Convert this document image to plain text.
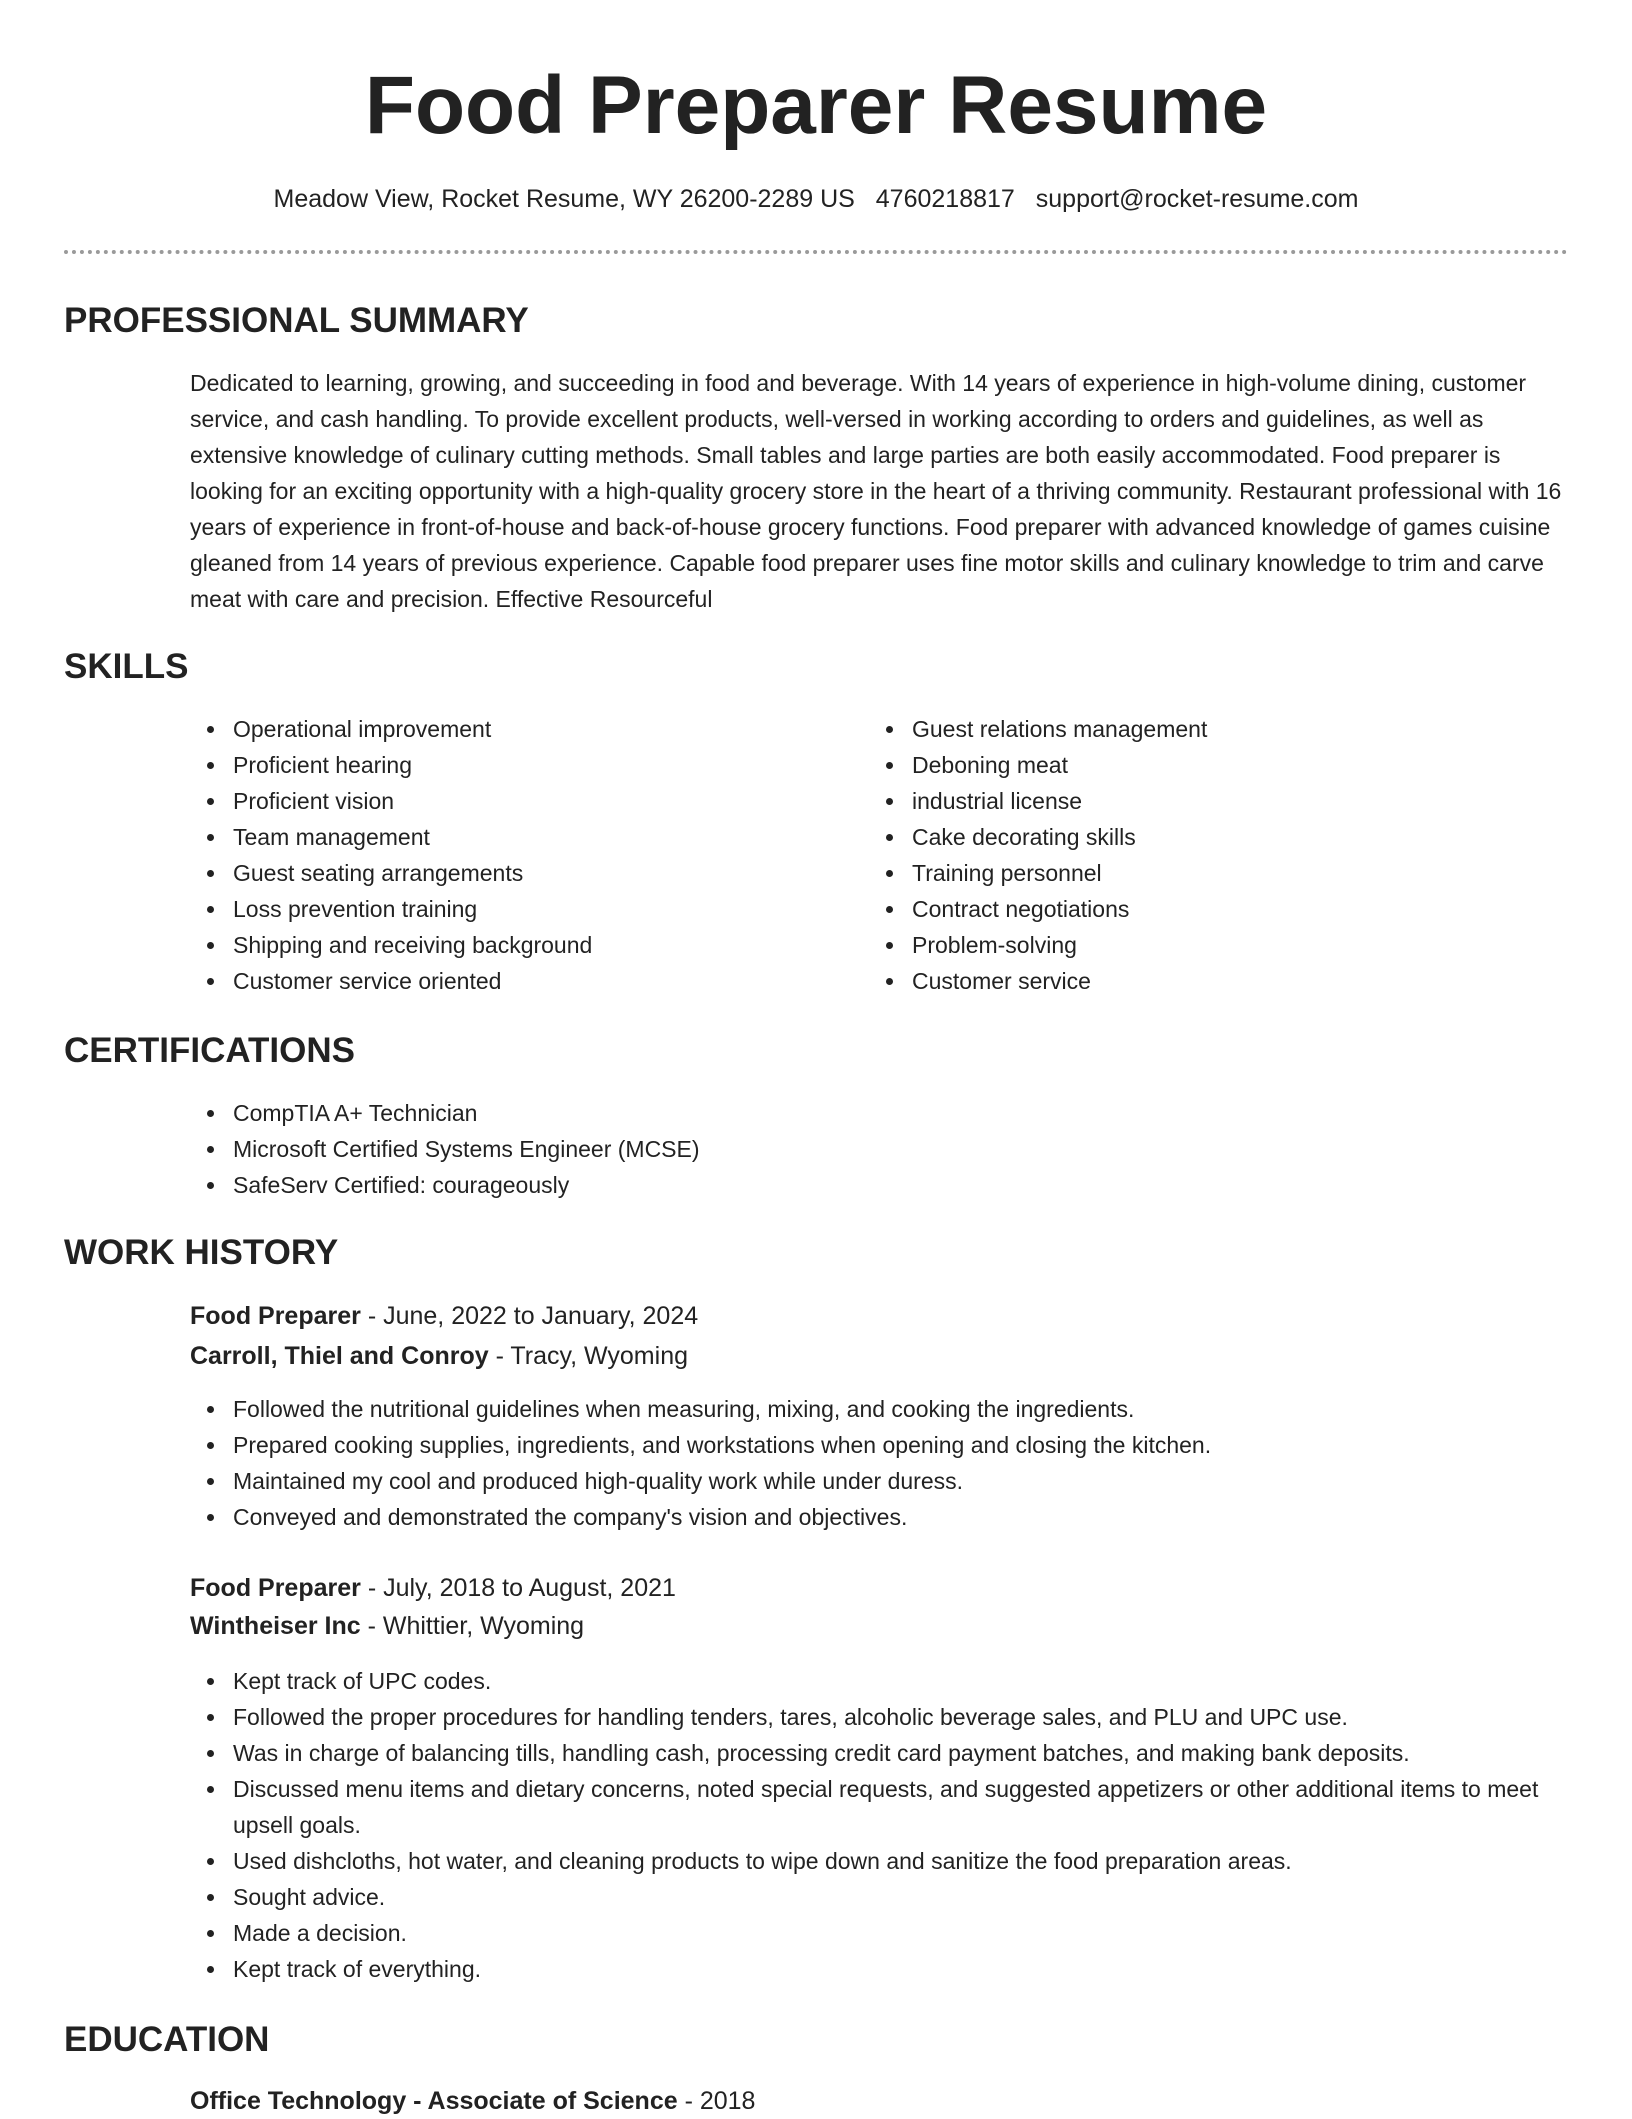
Food Preparer Resume
Meadow View, Rocket Resume, WY 26200-2289 US 4760218817 support@rocket-resume.com
PROFESSIONAL SUMMARY

Dedicated to learning, growing, and succeeding in food and beverage. With 14 years of experience in high-volume dining, customer service, and cash handling. To provide excellent products, well-versed in working according to orders and guidelines, as well as extensive knowledge of culinary cutting methods. Small tables and large parties are both easily accommodated. Food preparer is looking for an exciting opportunity with a high-quality grocery store in the heart of a thriving community. Restaurant professional with 16 years of experience in front-of-house and back-of-house grocery functions. Food preparer with advanced knowledge of games cuisine gleaned from 14 years of previous experience. Capable food preparer uses fine motor skills and culinary knowledge to trim and carve meat with care and precision. Effective Resourceful

SKILLS
Operational improvement
Proficient hearing
Proficient vision
Team management
Guest seating arrangements
Loss prevention training
Shipping and receiving background
Customer service oriented
Guest relations management
Deboning meat
industrial license
Cake decorating skills
Training personnel
Contract negotiations
Problem-solving
Customer service
CERTIFICATIONS
CompTIA A+ Technician
Microsoft Certified Systems Engineer (MCSE)
SafeServ Certified: courageously
WORK HISTORY
Food Preparer - June, 2022 to January, 2024
Carroll, Thiel and Conroy - Tracy, Wyoming
Followed the nutritional guidelines when measuring, mixing, and cooking the ingredients.
Prepared cooking supplies, ingredients, and workstations when opening and closing the kitchen.
Maintained my cool and produced high-quality work while under duress.
Conveyed and demonstrated the company's vision and objectives.
Food Preparer - July, 2018 to August, 2021
Wintheiser Inc - Whittier, Wyoming
Kept track of UPC codes.
Followed the proper procedures for handling tenders, tares, alcoholic beverage sales, and PLU and UPC use.
Was in charge of balancing tills, handling cash, processing credit card payment batches, and making bank deposits.
Discussed menu items and dietary concerns, noted special requests, and suggested appetizers or other additional items to meet upsell goals.
Used dishcloths, hot water, and cleaning products to wipe down and sanitize the food preparation areas.
Sought advice.
Made a decision.
Kept track of everything.
EDUCATION
Office Technology - Associate of Science - 2018
